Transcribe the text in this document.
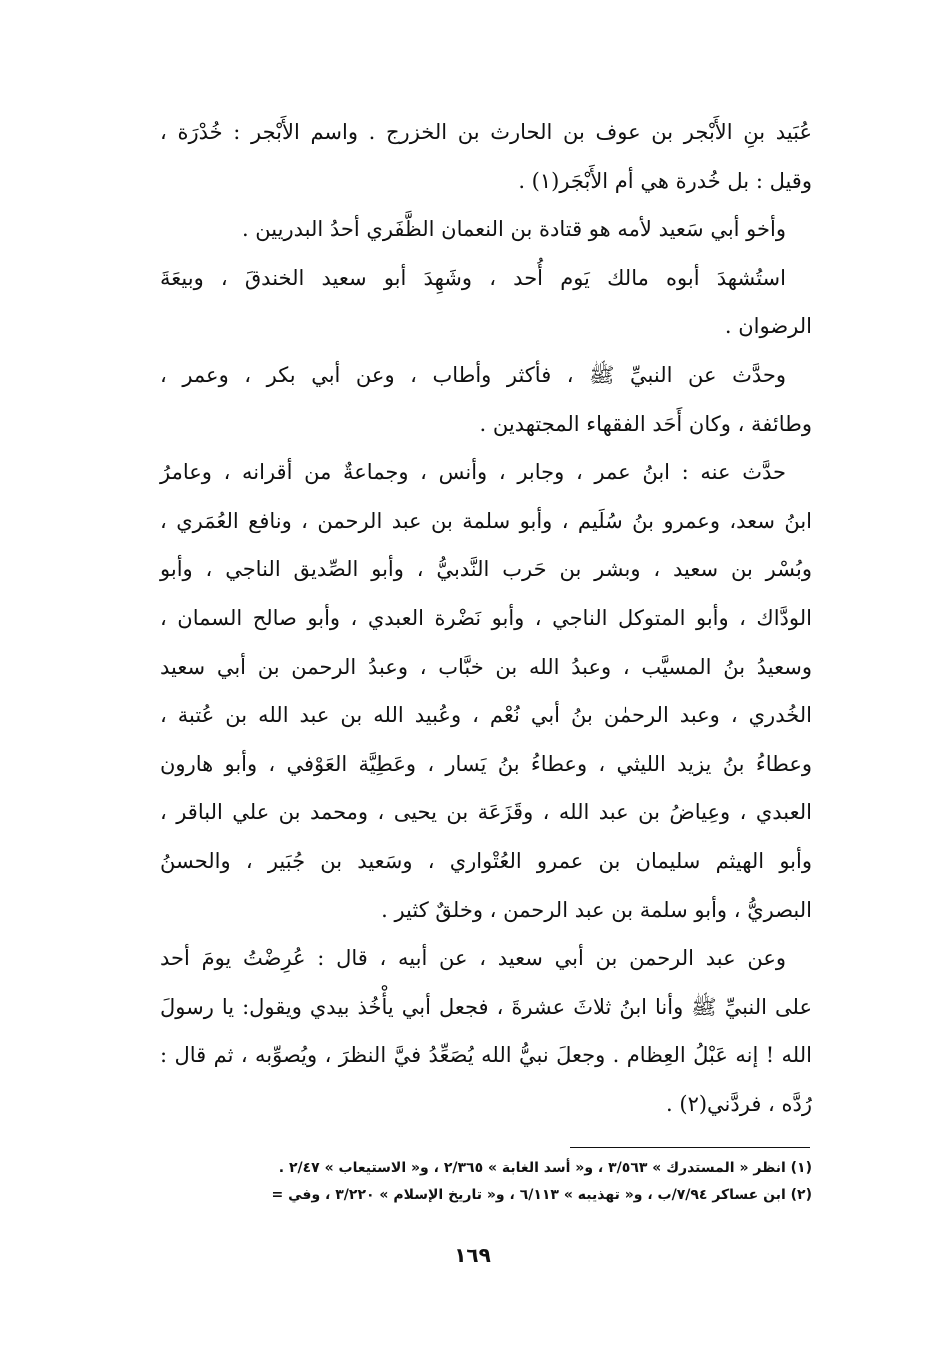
عُبَيد بنِ الأَبْجر بن عوف بن الحارث بن الخزرج . واسم الأَبْجر : خُدْرَة ،
وقيل : بل خُدرة هي أم الأَبْجَر(١) .

وأخو أبي سَعيد لأمه هو قتادة بن النعمان الظَّفَري أحدُ البدريين .

استُشهدَ أبوه مالك يَوم أُحد ، وشَهِدَ أبو سعيد الخندقَ ، وبيعَةَ
الرضوان .

وحدَّث عن النبيِّ ﷺ ، فأكثر وأطاب ، وعن أبي بكر ، وعمر ،
وطائفة ، وكان أَحَد الفقهاء المجتهدين .

حدَّث عنه : ابنُ عمر ، وجابر ، وأنس ، وجماعةٌ من أقرانه ، وعامرُ
ابنُ سعد، وعمرو بنُ سُلَيم ، وأبو سلمة بن عبد الرحمن ، ونافع العُمَري ،
وبُسْر بن سعيد ، وبشر بن حَرب النَّدبيُّ ، وأبو الصِّديق الناجي ، وأبو
الودَّاك ، وأبو المتوكل الناجي ، وأبو نَضْرة العبدي ، وأبو صالح السمان ،
وسعيدُ بنُ المسيَّب ، وعبدُ الله بن خبَّاب ، وعبدُ الرحمن بن أبي سعيد
الخُدري ، وعبد الرحمٰن بنُ أبي نُعْم ، وعُبيد الله بن عبد الله بن عُتبة ،
وعطاءُ بنُ يزيد الليثي ، وعطاءُ بنُ يَسار ، وعَطِيَّة العَوْفي ، وأبو هارون
العبدي ، وعِياضُ بن عبد الله ، وقَزَعَة بن يحيى ، ومحمد بن علي الباقر ،
وأبو الهيثم سليمان بن عمرو العُتْواري ، وسَعيد بن جُبَير ، والحسنُ
البصريُّ ، وأبو سلمة بن عبد الرحمن ، وخلقٌ كثير .

وعن عبد الرحمن بن أبي سعيد ، عن أبيه ، قال : عُرِضْتُ يومَ أحد
على النبيِّ ﷺ وأنا ابنُ ثلاثَ عشرةَ ، فجعل أبي يأْخُذ بيدي ويقول: يا رسولَ
الله ! إنه عَبْلُ العِظام . وجعلَ نبيُّ الله يُصَعِّدُ فيَّ النظرَ ، ويُصوِّبه ، ثم قال :
رُدَّه ، فردَّني(٢) .

(١) انظر « المستدرك » ٣/٥٦٣ ، و« أسد الغابة » ٢/٣٦٥ ، و« الاستيعاب » ٢/٤٧ .
(٢) ابن عساكر ٧/٩٤/ب ، و« تهذيبه » ٦/١١٣ ، و« تاريخ الإسلام » ٣/٢٢٠ ، وفي =
١٦٩
